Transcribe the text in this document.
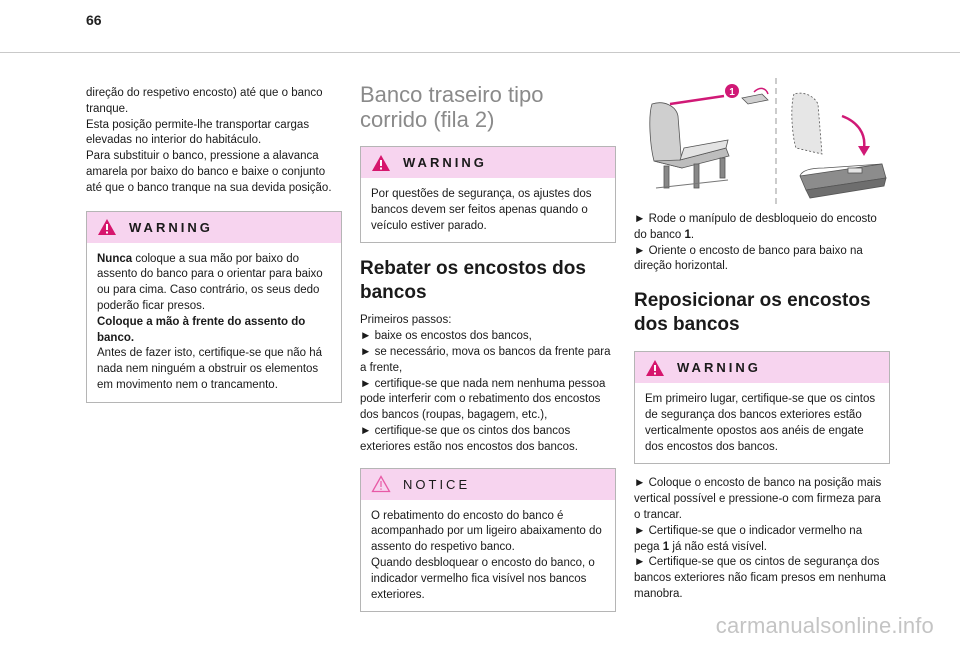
66

direção do respetivo encosto) até que o banco tranque.

Esta posição permite-lhe transportar cargas elevadas no interior do habitáculo.

Para substituir o banco, pressione a alavanca amarela por baixo do banco e baixe o conjunto até que o banco tranque na sua devida posição.

WARNING
Nunca coloque a sua mão por baixo do assento do banco para o orientar para baixo ou para cima. Caso contrário, os seus dedo poderão ficar presos.
Coloque a mão à frente do assento do banco.
Antes de fazer isto, certifique-se que não há nada nem ninguém a obstruir os elementos em movimento nem o trancamento.
Banco traseiro tipo corrido (fila 2)
WARNING
Por questões de segurança, os ajustes dos bancos devem ser feitos apenas quando o veículo estiver parado.
Rebater os encostos dos bancos

Primeiros passos:

► baixe os encostos dos bancos,

► se necessário, mova os bancos da frente para a frente,

► certifique-se que nada nem nenhuma pessoa pode interferir com o rebatimento dos encostos dos bancos (roupas, bagagem, etc.),

► certifique-se que os cintos dos bancos exteriores estão nos encostos dos bancos.

NOTICE
O rebatimento do encosto do banco é acompanhado por um ligeiro abaixamento do assento do respetivo banco.
Quando desbloquear o encosto do banco, o indicador vermelho fica visível nos bancos exteriores.
1

► Rode o manípulo de desbloqueio do encosto do banco 1.

► Oriente o encosto de banco para baixo na direção horizontal.

Reposicionar os encostos dos bancos
WARNING
Em primeiro lugar, certifique-se que os cintos de segurança dos bancos exteriores estão verticalmente opostos aos anéis de engate dos encostos dos bancos.

► Coloque o encosto de banco na posição mais vertical possível e pressione-o com firmeza para o trancar.

► Certifique-se que o indicador vermelho na pega 1 já não está visível.

► Certifique-se que os cintos de segurança dos bancos exteriores não ficam presos em nenhuma manobra.

carmanualsonline.info
